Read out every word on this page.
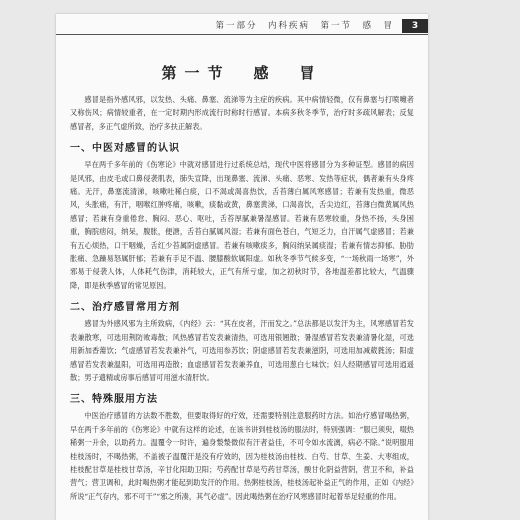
第一部分　内科疾病　第一节　感　冒	3
第一节　感　冒

感冒是指外感风邪，以发热、头痛、鼻塞、流涕等为主症的疾病。其中病情轻微，仅有鼻塞与打喷嚏者又称伤风；病情较重者，在一定时期内形成流行时称时行感冒。本病多秋冬季节，治疗时多疏风解表；反复感冒者，多正气虚所致，治疗多扶正解表。

一、中医对感冒的认识

早在两千多年前的《伤寒论》中就对感冒进行过系统总结，现代中医将感冒分为多种证型。感冒的病因是风邪，由皮毛或口鼻侵袭肌表，肺失宣降，出现鼻塞、流涕、头痛、恶寒、发热等症状，偶者兼有头身疼痛。无汗，鼻塞流清涕，咳嗽吐稀白痰，口不渴或渴喜热饮，舌苔薄白属风寒感冒；若兼有发热重，微恶风，头胀痛，有汗，咽喉红肿疼痛，咳嗽，痰黏或黄，鼻塞黄涕，口渴喜饮，舌尖边红，苔薄白微黄属风热感冒；若兼有身重倦怠、胸闷、恶心、呕吐，舌苔厚腻兼暑湿感冒。若兼有恶寒较重，身热不扬，头身困重，胸脘痞闷，纳呆，腹胀，便溏，舌苔白腻属风湿；若兼有面色苍白，气短乏力，自汗属气虚感冒；若兼有五心烦热，口干咽燥，舌红少苔属阴虚感冒。若兼有咳嗽痰多，胸闷纳呆属痰湿；若兼有情志抑郁、胁肋胀痛、急躁易怒属肝郁；若兼有手足不温、腰膝酸软属阳虚。如秋冬季节气候多变，“一场秋雨一场寒”，外邪易于侵袭人体，人体耗气伤津，消耗较大，正气有所亏虚，加之初秋时节，各地温差都比较大，气温骤降，即是秋季感冒的常见原因。

二、治疗感冒常用方剂

感冒为外感风邪为主所致病，《内经》云：“其在皮者，汗而发之。”总法都是以发汗为主，风寒感冒若发表兼散寒，可选用荆防败毒散；风热感冒若发表兼清热，可选用银翘散；暑湿感冒若发表兼清暑化湿，可选用新加香薷饮；气虚感冒若发表兼补气，可选用参苏饮；阴虚感冒若发表兼滋阴，可选用加减葳蕤汤；阳虚感冒若发表兼温阳，可选用再造散；血虚感冒若发表兼养血，可选用葱白七味饮；妇人经期感冒可选用逍遥散；男子遗精或房事后感冒可用滋水清肝饮。

三、特殊服用方法

中医治疗感冒的方法数不胜数，但要取得好的疗效，还需要特别注意服药时方法。如治疗感冒喝热粥，早在两千多年前的《伤寒论》中就有这样的论述，在该书讲到桂枝汤的服法时，特别强调：“服已须臾，啜热稀粥一升余，以助药力。温覆令一时许，遍身漐漐微似有汗者益佳，不可令如水流漓，病必不除。”说明服用桂枝汤时，不喝热粥，不盖被子温覆汗是没有疗效的，因为桂枝汤由桂枝、白芍、甘草、生姜、大枣组成，桂枝配甘草是桂枝甘草汤，辛甘化阳助卫阳；芍药配甘草是芍药甘草汤，酸甘化阴益营阴，营卫不和，补益营气；营卫调和，此时喝热粥才能起到助发汗的作用。热粥桂枝汤，桂枝汤起补益正气的作用，正如《内经》所说“正气存内，邪不可干”“邪之所凑，其气必虚”。因此喝热粥在治疗风寒感冒时起着举足轻重的作用。
